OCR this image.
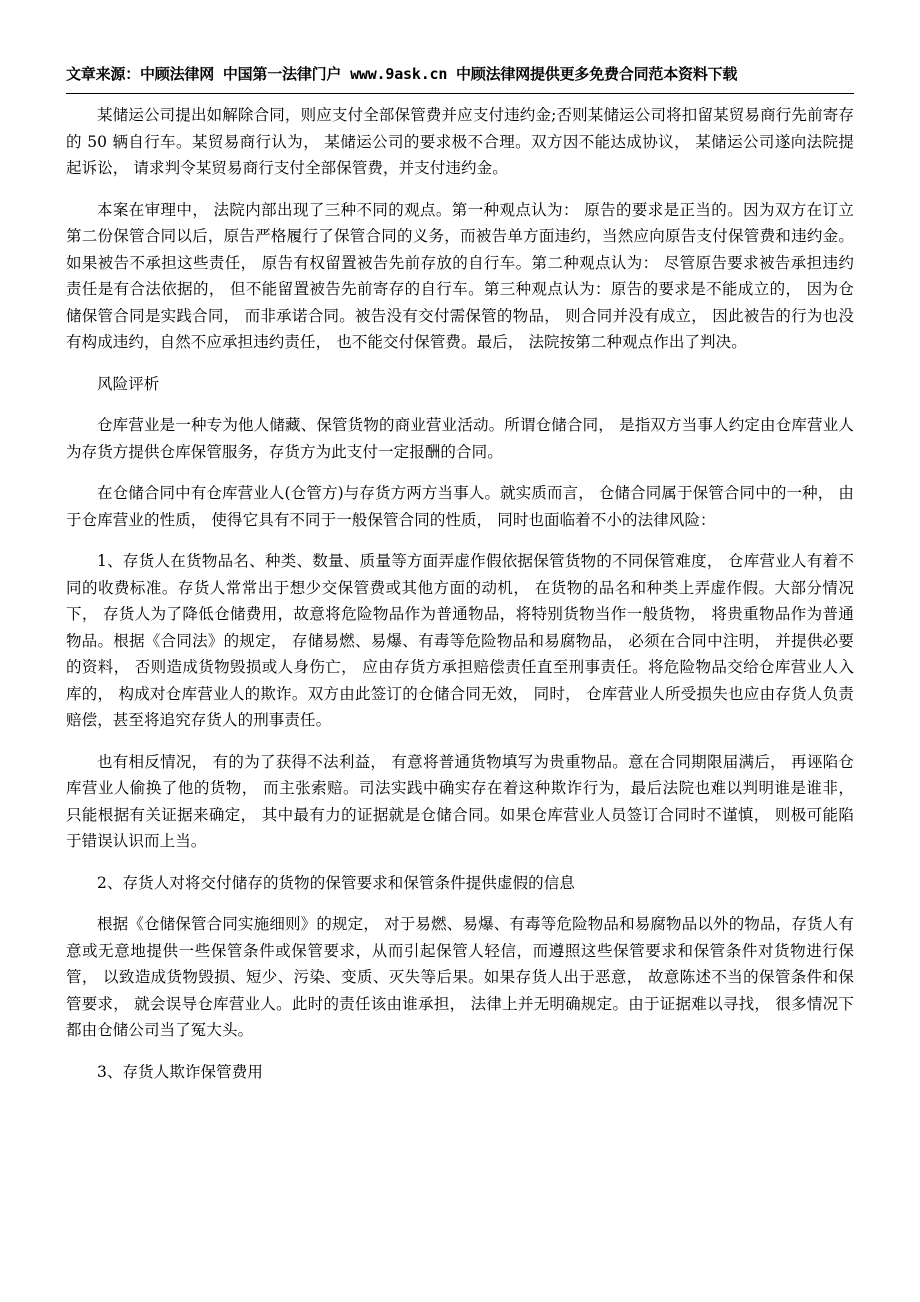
文章来源：中顾法律网 中国第一法律门户 www.9ask.cn 中顾法律网提供更多免费合同范本资料下载

某储运公司提出如解除合同，则应支付全部保管费并应支付违约金;否则某储运公司将扣留某贸易商行先前寄存的 50 辆自行车。某贸易商行认为， 某储运公司的要求极不合理。双方因不能达成协议， 某储运公司遂向法院提起诉讼， 请求判令某贸易商行支付全部保管费，并支付违约金。

本案在审理中， 法院内部出现了三种不同的观点。第一种观点认为： 原告的要求是正当的。因为双方在订立第二份保管合同以后，原告严格履行了保管合同的义务，而被告单方面违约，当然应向原告支付保管费和违约金。如果被告不承担这些责任， 原告有权留置被告先前存放的自行车。第二种观点认为： 尽管原告要求被告承担违约责任是有合法依据的， 但不能留置被告先前寄存的自行车。第三种观点认为：原告的要求是不能成立的， 因为仓储保管合同是实践合同， 而非承诺合同。被告没有交付需保管的物品， 则合同并没有成立， 因此被告的行为也没有构成违约，自然不应承担违约责任， 也不能交付保管费。最后， 法院按第二种观点作出了判决。

风险评析

仓库营业是一种专为他人储藏、保管货物的商业营业活动。所谓仓储合同， 是指双方当事人约定由仓库营业人为存货方提供仓库保管服务，存货方为此支付一定报酬的合同。

在仓储合同中有仓库营业人(仓管方)与存货方两方当事人。就实质而言， 仓储合同属于保管合同中的一种， 由于仓库营业的性质， 使得它具有不同于一般保管合同的性质， 同时也面临着不小的法律风险：

1、存货人在货物品名、种类、数量、质量等方面弄虚作假依据保管货物的不同保管难度， 仓库营业人有着不同的收费标准。存货人常常出于想少交保管费或其他方面的动机， 在货物的品名和种类上弄虚作假。大部分情况下， 存货人为了降低仓储费用，故意将危险物品作为普通物品，将特别货物当作一般货物， 将贵重物品作为普通物品。根据《合同法》的规定， 存储易燃、易爆、有毒等危险物品和易腐物品， 必须在合同中注明， 并提供必要的资料， 否则造成货物毁损或人身伤亡， 应由存货方承担赔偿责任直至刑事责任。将危险物品交给仓库营业人入库的， 构成对仓库营业人的欺诈。双方由此签订的仓储合同无效， 同时， 仓库营业人所受损失也应由存货人负责赔偿，甚至将追究存货人的刑事责任。

也有相反情况， 有的为了获得不法利益， 有意将普通货物填写为贵重物品。意在合同期限届满后， 再诬陷仓库营业人偷换了他的货物， 而主张索赔。司法实践中确实存在着这种欺诈行为，最后法院也难以判明谁是谁非， 只能根据有关证据来确定， 其中最有力的证据就是仓储合同。如果仓库营业人员签订合同时不谨慎， 则极可能陷于错误认识而上当。

2、存货人对将交付储存的货物的保管要求和保管条件提供虚假的信息

根据《仓储保管合同实施细则》的规定， 对于易燃、易爆、有毒等危险物品和易腐物品以外的物品，存货人有意或无意地提供一些保管条件或保管要求，从而引起保管人轻信，而遵照这些保管要求和保管条件对货物进行保管， 以致造成货物毁损、短少、污染、变质、灭失等后果。如果存货人出于恶意， 故意陈述不当的保管条件和保管要求， 就会误导仓库营业人。此时的责任该由谁承担， 法律上并无明确规定。由于证据难以寻找， 很多情况下都由仓储公司当了冤大头。

3、存货人欺诈保管费用
